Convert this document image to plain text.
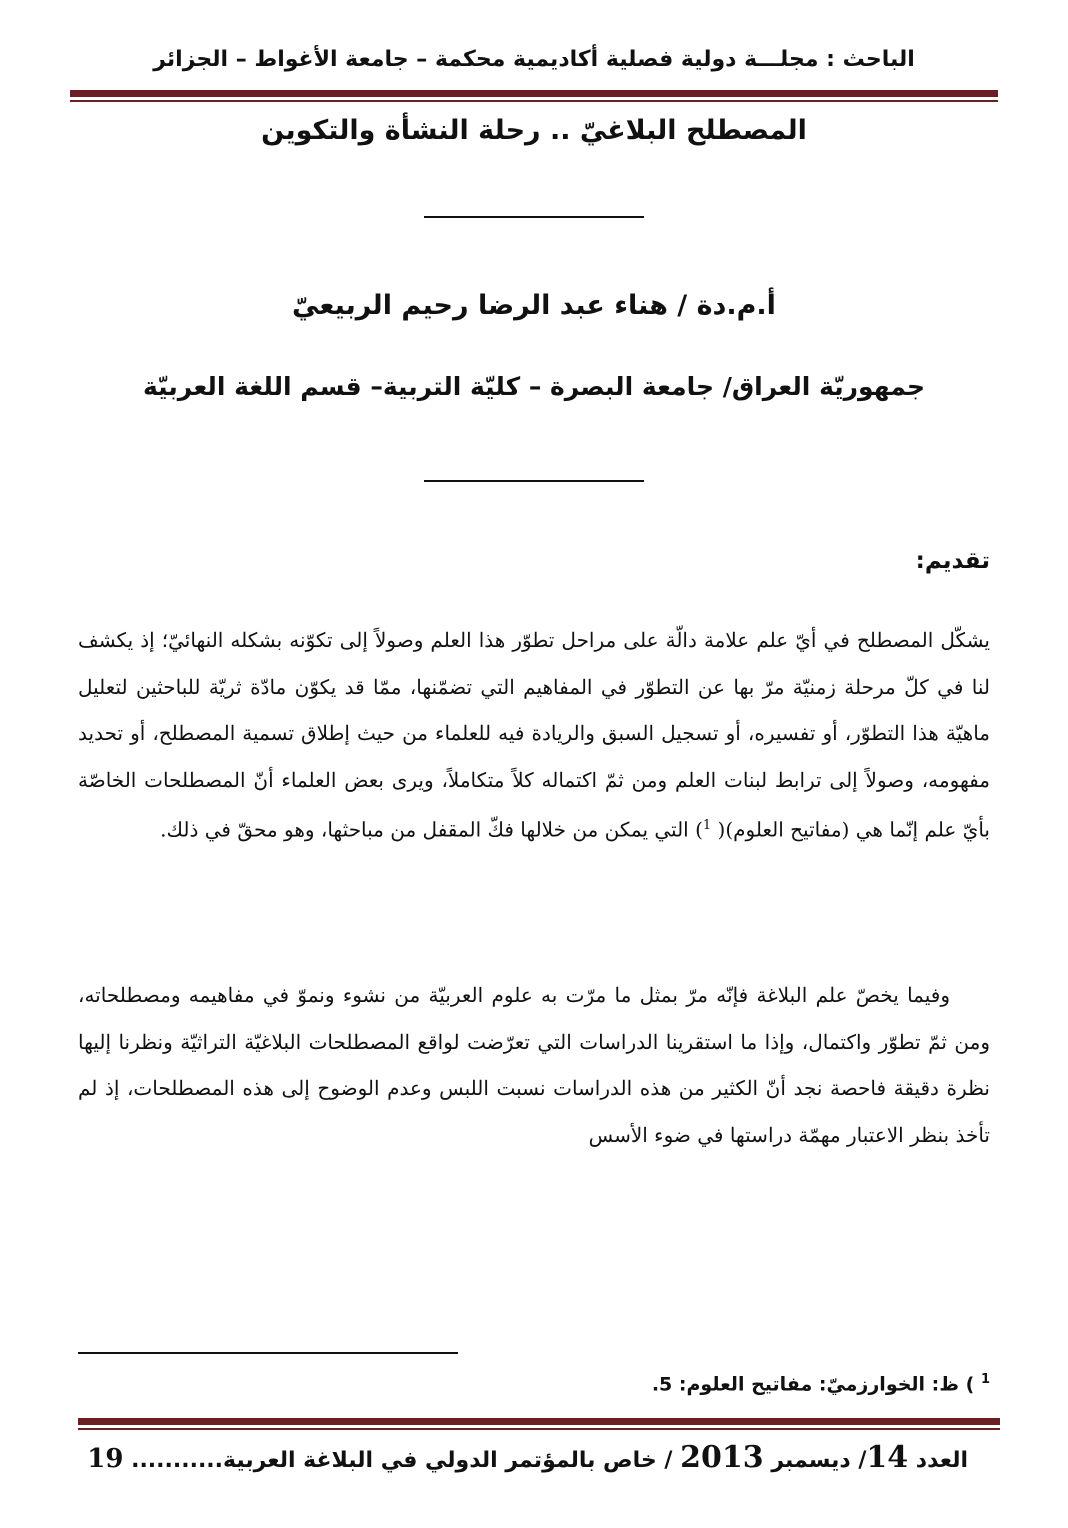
الباحث : مجلـــة دولية فصلية أكاديمية محكمة – جامعة الأغواط – الجزائر
المصطلح البلاغيّ .. رحلة النشأة والتكوين
أ.م.دة / هناء عبد الرضا رحيم الربيعيّ
جمهوريّة العراق/ جامعة البصرة – كليّة التربية– قسم اللغة العربيّة
تقديم:
يشكّل المصطلح في أيّ علم علامة دالّة على مراحل تطوّر هذا العلم وصولاً إلى تكوّنه بشكله النهائيّ؛ إذ يكشف لنا في كلّ مرحلة زمنيّة مرّ بها عن التطوّر في المفاهيم التي تضمّنها، ممّا قد يكوّن مادّة ثريّة للباحثين لتعليل ماهيّة هذا التطوّر، أو تفسيره، أو تسجيل السبق والريادة فيه للعلماء من حيث إطلاق تسمية المصطلح، أو تحديد مفهومه، وصولاً إلى ترابط لبنات العلم ومن ثمّ اكتماله كلاً متكاملاً، ويرى بعض العلماء أنّ المصطلحات الخاصّة بأيّ علم إنّما هي (مفاتيح العلوم)( $^1$) التي يمكن من خلالها فكّ المقفل من مباحثها، وهو محقّ في ذلك.
وفيما يخصّ علم البلاغة فإنّه مرّ بمثل ما مرّت به علوم العربيّة من نشوء ونموّ في مفاهيمه ومصطلحاته، ومن ثمّ تطوّر واكتمال، وإذا ما استقرينا الدراسات التي تعرّضت لواقع المصطلحات البلاغيّة التراثيّة ونظرنا إليها نظرة دقيقة فاحصة نجد أنّ الكثير من هذه الدراسات نسبت اللبس وعدم الوضوح إلى هذه المصطلحات، إذ لم تأخذ بنظر الاعتبار مهمّة دراستها في ضوء الأسس
$^1$ ) ظ: الخوارزميّ: مفاتيح العلوم: 5.
العدد 14/ ديسمبر 2013 / خاص بالمؤتمر الدولي في البلاغة العربية........... 19
